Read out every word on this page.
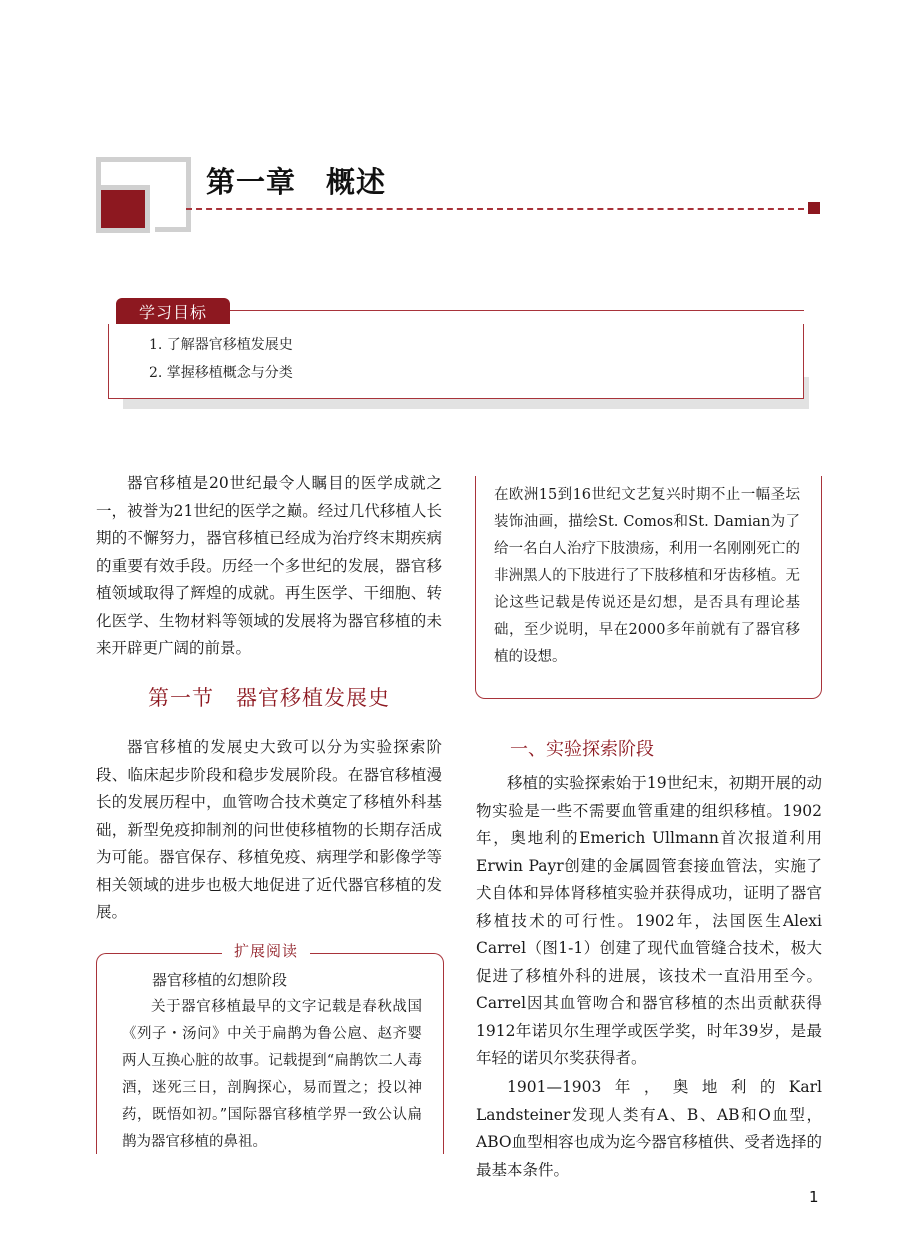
第一章　概述
1. 了解器官移植发展史
2. 掌握移植概念与分类
学习目标
器官移植是20世纪最令人瞩目的医学成就之一，被誉为21世纪的医学之巅。经过几代移植人长期的不懈努力，器官移植已经成为治疗终末期疾病的重要有效手段。历经一个多世纪的发展，器官移植领域取得了辉煌的成就。再生医学、干细胞、转化医学、生物材料等领域的发展将为器官移植的未来开辟更广阔的前景。
第一节　器官移植发展史
器官移植的发展史大致可以分为实验探索阶段、临床起步阶段和稳步发展阶段。在器官移植漫长的发展历程中，血管吻合技术奠定了移植外科基础，新型免疫抑制剂的问世使移植物的长期存活成为可能。器官保存、移植免疫、病理学和影像学等相关领域的进步也极大地促进了近代器官移植的发展。
扩展阅读
器官移植的幻想阶段
关于器官移植最早的文字记载是春秋战国《列子・汤问》中关于扁鹊为鲁公扈、赵齐婴两人互换心脏的故事。记载提到“扁鹊饮二人毒酒，迷死三日，剖胸探心，易而置之；投以神药，既悟如初。”国际器官移植学界一致公认扁鹊为器官移植的鼻祖。
在欧洲15到16世纪文艺复兴时期不止一幅圣坛装饰油画，描绘St. Comos和St. Damian为了给一名白人治疗下肢溃疡，利用一名刚刚死亡的非洲黑人的下肢进行了下肢移植和牙齿移植。无论这些记载是传说还是幻想，是否具有理论基础，至少说明，早在2000多年前就有了器官移植的设想。
一、实验探索阶段
移植的实验探索始于19世纪末，初期开展的动物实验是一些不需要血管重建的组织移植。1902年，奥地利的Emerich Ullmann首次报道利用Erwin Payr创建的金属圆管套接血管法，实施了犬自体和异体肾移植实验并获得成功，证明了器官移植技术的可行性。1902年，法国医生Alexi Carrel（图1-1）创建了现代血管缝合技术，极大促进了移植外科的进展，该技术一直沿用至今。Carrel因其血管吻合和器官移植的杰出贡献获得1912年诺贝尔生理学或医学奖，时年39岁，是最年轻的诺贝尔奖获得者。
1901—1903年，奥地利的Karl Landsteiner发现人类有A、B、AB和O血型，ABO血型相容也成为迄今器官移植供、受者选择的最基本条件。
1
